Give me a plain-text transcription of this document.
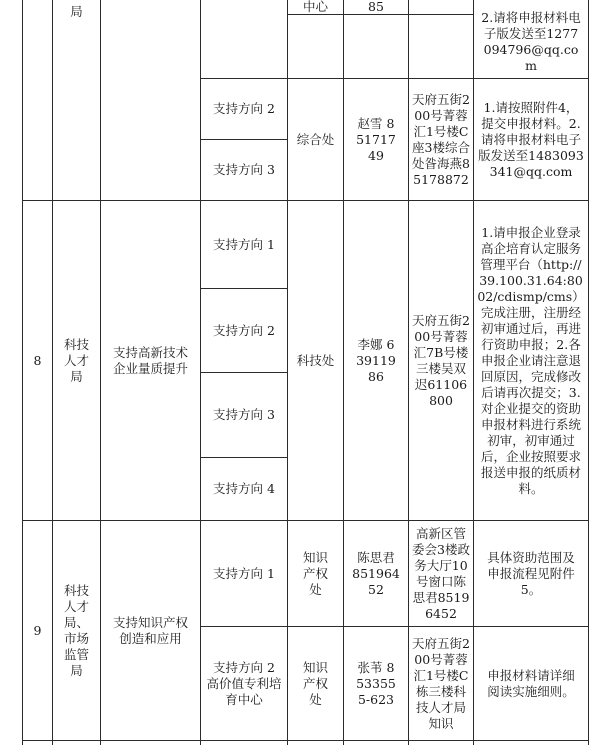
局	中心	85
2.请将申报材料电子版发送至1277094796@qq.com
支持方向 2
支持方向 3
综合处
赵雪 851717 49
天府五街200号菁蓉汇1号楼C座3楼综合处昝海燕85178872
1.请按照附件4，提交申报材料。2.请将申报材料电子版发送至1483093341@qq.com
8
科技人才局
支持高新技术企业量质提升
支持方向 1
支持方向 2
支持方向 3
支持方向 4
科技处
李娜 639119 86
天府五街200号菁蓉汇7B号楼三楼吴双迟61106800
1.请申报企业登录高企培育认定服务管理平台（http://39.100.31.64:8002/cdismp/cms）完成注册，注册经初审通过后，再进行资助申报；2.各申报企业请注意退回原因，完成修改后请再次提交；3.对企业提交的资助申报材料进行系统初审，初审通过后，企业按照要求报送申报的纸质材料。
9
科技人才局、市场监管局
支持知识产权创造和应用
支持方向 1
知识产权处
陈思君 851964 52
高新区管委会3楼政务大厅10号窗口陈思君85196452
具体资助范围及申报流程见附件5。
支持方向 2 高价值专利培育中心
知识产权处
张苇 853355 5-623
天府五街200号菁蓉汇1号楼C栋三楼科技人才局知识
申报材料请详细阅读实施细则。
